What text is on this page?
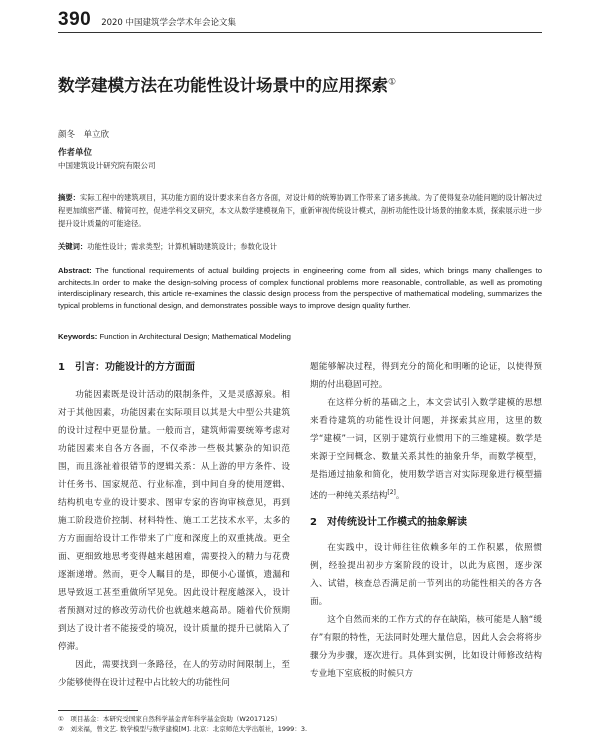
390 2020 中国建筑学会学术年会论文集
数学建模方法在功能性设计场景中的应用探索①
颜冬　单立欣
作者单位
中国建筑设计研究院有限公司
摘要：实际工程中的建筑项目，其功能方面的设计要求来自各方各面，对设计师的统筹协调工作带来了诸多挑战。为了使得复杂功能问题的设计解决过程更加缜密严谨、精简可控，促进学科交叉研究，本文从数学建模视角下，重新审视传统设计模式，剖析功能性设计场景的抽象本质，探索展示进一步提升设计质量的可能途径。
关键词：功能性设计；需求类型；计算机辅助建筑设计；参数化设计
Abstract: The functional requirements of actual building projects in engineering come from all sides, which brings many challenges to architects.In order to make the design-solving process of complex functional problems more reasonable, controllable, as well as promoting interdisciplinary research, this article re-examines the classic design process from the perspective of mathematical modeling, summarizes the typical problems in functional design, and demonstrates possible ways to improve design quality further.
Keywords: Function in Architectural Design; Mathematical Modeling
1　引言：功能设计的方方面面

功能因素既是设计活动的限制条件，又是灵感源泉。相对于其他因素，功能因素在实际项目以其是大中型公共建筑的设计过程中更显份量。一般而言，建筑师需要统筹考虑对功能因素来自各方各面，不仅牵涉一些极其繁杂的知识范围，而且涤祉着很错节的逻辑关系：从上游的甲方条件、设计任务书、国家规范、行业标准，到中间自身的使用逻辑、结构机电专业的设计要求、图审专家的咨询审核意见，再到施工阶段造价控制、材料特性、施工工艺技术水平，太多的方方面面给设计工作带来了广度和深度上的双重挑战。更全面、更细致地思考变得越来越困难，需要投入的精力与花费逐渐递增。然而，更令人瞩目的是，即便小心谨慎，遗漏和思导致返工甚至重做所罕见免。因此设计程度越深入，设计者预测对过的修改劳动代价也就越来越高昂。随着代价预期到达了设计者不能接受的境况，设计质量的提升已就陷入了停滞。

因此，需要找到一条路径，在人的劳动时间限制上，至少能够使得在设计过程中占比较大的功能性问

题能够解决过程，得到充分的简化和明晰的论证，以使得预期的付出稳固可控。

在这样分析的基础之上，本文尝试引入数学建模的思想来看待建筑的功能性设计问题，并探索其应用，这里的数学“建模”一词，区别于建筑行业惯用下的三维建模。数学是来源于空间概念、数量关系其性的抽象升华，而数学模型，是指通过抽象和简化，使用数学语言对实际现象进行模型描述的一种纯关系结构[2]。

2　对传统设计工作模式的抽象解读

在实践中，设计师往往依赖多年的工作积累，依照惯例，经验提出初步方案阶段的设计，以此为底图，逐步深入、试错，核查总否满足前一节列出的功能性相关的各方各面。

这个自然而来的工作方式的存在缺陷，核可能是人脑“缓存”有限的特性，无法同时处理大量信息，因此人会会将将步骤分为步骤，逐次进行。具体到实例，比如设计师修改结构专业地下室底板的时候只方

①　项目基金：本研究受国家自然科学基金青年科学基金资助（W2017125）
②　刘来福，曾文艺. 数学模型与数学建模[M]. 北京：北京师范大学出版社，1999：3.
